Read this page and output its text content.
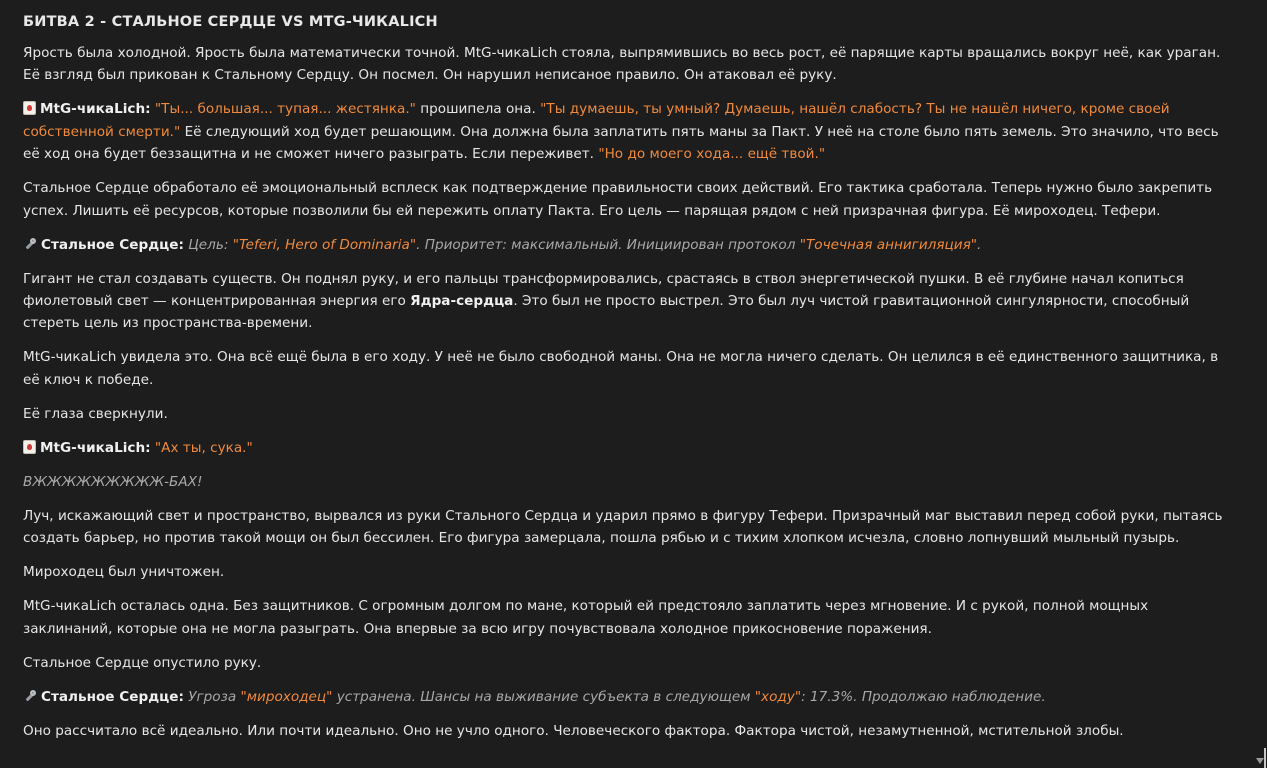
БИТВА 2 - СТАЛЬНОЕ СЕРДЦЕ VS MTG-ЧИКАLICH

Ярость была холодной. Ярость была математически точной. MtG-чикаLich стояла, выпрямившись во весь рост, её парящие карты вращались вокруг неё, как ураган. Её взгляд был прикован к Стальному Сердцу. Он посмел. Он нарушил неписаное правило. Он атаковал её руку.

MtG-чикаLich: "Ты... большая... тупая... жестянка." прошипела она. "Ты думаешь, ты умный? Думаешь, нашёл слабость? Ты не нашёл ничего, кроме своей собственной смерти." Её следующий ход будет решающим. Она должна была заплатить пять маны за Пакт. У неё на столе было пять земель. Это значило, что весь её ход она будет беззащитна и не сможет ничего разыграть. Если переживет. "Но до моего хода... ещё твой."

Стальное Сердце обработало её эмоциональный всплеск как подтверждение правильности своих действий. Его тактика сработала. Теперь нужно было закрепить успех. Лишить её ресурсов, которые позволили бы ей пережить оплату Пакта. Его цель — парящая рядом с ней призрачная фигура. Её мироходец. Тефери.

Стальное Сердце: Цель: "Teferi, Hero of Dominaria". Приоритет: максимальный. Инициирован протокол "Точечная аннигиляция".

Гигант не стал создавать существ. Он поднял руку, и его пальцы трансформировались, срастаясь в ствол энергетической пушки. В её глубине начал копиться фиолетовый свет — концентрированная энергия его Ядра-сердца. Это был не просто выстрел. Это был луч чистой гравитационной сингулярности, способный стереть цель из пространства-времени.

MtG-чикаLich увидела это. Она всё ещё была в его ходу. У неё не было свободной маны. Она не могла ничего сделать. Он целился в её единственного защитника, в её ключ к победе.

Её глаза сверкнули.

MtG-чикаLich: "Ах ты, сука."

ВЖЖЖЖЖЖЖЖЖ-БАХ!

Луч, искажающий свет и пространство, вырвался из руки Стального Сердца и ударил прямо в фигуру Тефери. Призрачный маг выставил перед собой руки, пытаясь создать барьер, но против такой мощи он был бессилен. Его фигура замерцала, пошла рябью и с тихим хлопком исчезла, словно лопнувший мыльный пузырь.

Мироходец был уничтожен.

MtG-чикаLich осталась одна. Без защитников. С огромным долгом по мане, который ей предстояло заплатить через мгновение. И с рукой, полной мощных заклинаний, которые она не могла разыграть. Она впервые за всю игру почувствовала холодное прикосновение поражения.

Стальное Сердце опустило руку.

Стальное Сердце: Угроза "мироходец" устранена. Шансы на выживание субъекта в следующем "ходу": 17.3%. Продолжаю наблюдение.

Оно рассчитало всё идеально. Или почти идеально. Оно не учло одного. Человеческого фактора. Фактора чистой, незамутненной, мстительной злобы.
